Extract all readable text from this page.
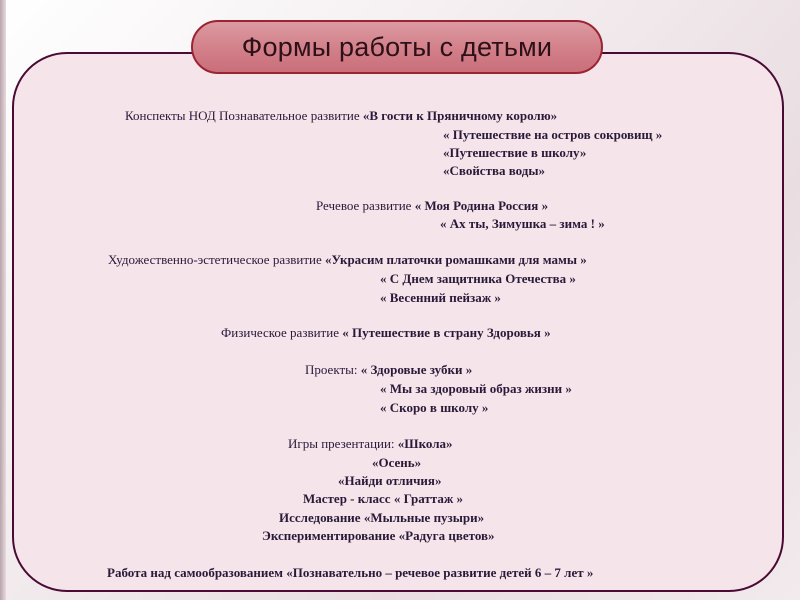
Формы работы с детьми
Конспекты НОД Познавательное развитие «В гости к Пряничному королю»
« Путешествие на остров сокровищ »
«Путешествие в школу»
«Свойства воды»
Речевое развитие « Моя Родина Россия »
« Ах ты, Зимушка – зима ! »
Художественно-эстетическое развитие «Украсим платочки ромашками для мамы »
« С Днем защитника Отечества »
« Весенний пейзаж »
Физическое развитие « Путешествие в страну Здоровья »
Проекты: « Здоровые зубки »
« Мы за здоровый образ жизни »
« Скоро в школу »
Игры презентации: «Школа»
«Осень»
«Найди отличия»
Мастер - класс « Граттаж »
Исследование «Мыльные пузыри»
Экспериментирование «Радуга цветов»
Работа над самообразованием «Познавательно – речевое развитие детей 6 – 7 лет »
